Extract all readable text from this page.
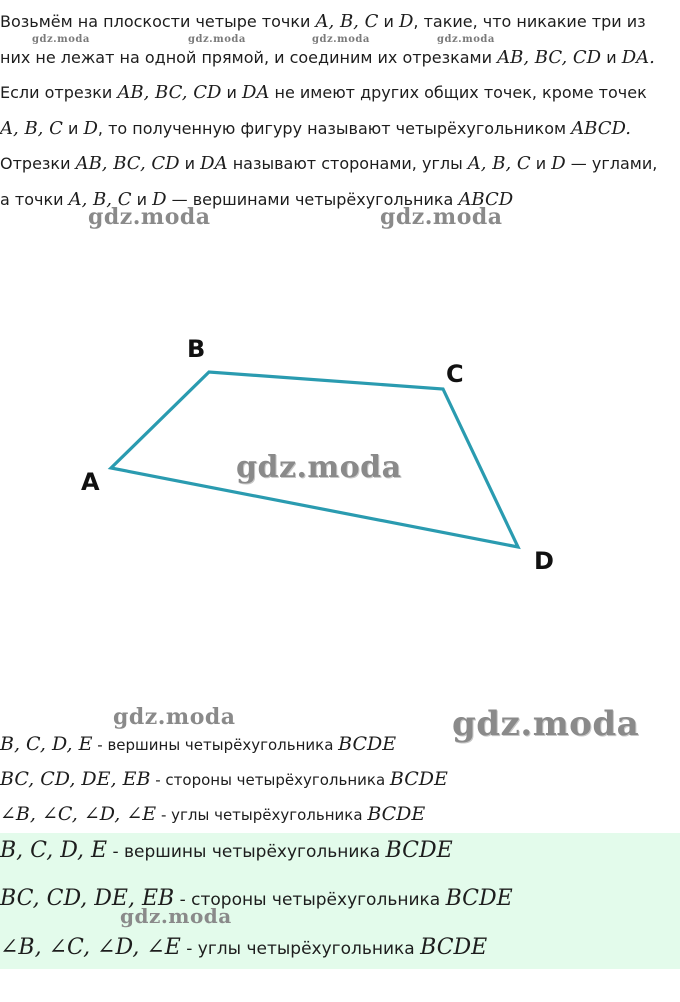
Возьмём на плоскости четыре точки A, B, C и D, такие, что никакие три из
них не лежат на одной прямой, и соединим их отрезками AB, BC, CD и DA.
Если отрезки AB, BC, CD и DA не имеют других общих точек, кроме точек
A, B, C и D, то полученную фигуру называют четырёхугольником ABCD.
Отрезки AB, BC, CD и DA называют сторонами, углы A, B, C и D — углами,
а точки A, B, C и D — вершинами четырёхугольника ABCD
gdz.moda	gdz.moda	gdz.moda	gdz.moda
gdz.moda	gdz.moda
A
B
C
D
gdz.moda
gdz.moda	gdz.moda
B, C, D, E - вершины четырёхугольника BCDE
BC, CD, DE, EB - стороны четырёхугольника BCDE
∠B, ∠C, ∠D, ∠E - углы четырёхугольника BCDE
B, C, D, E - вершины четырёхугольника BCDE
BC, CD, DE, EB - стороны четырёхугольника BCDE
gdz.moda
∠B, ∠C, ∠D, ∠E - углы четырёхугольника BCDE
